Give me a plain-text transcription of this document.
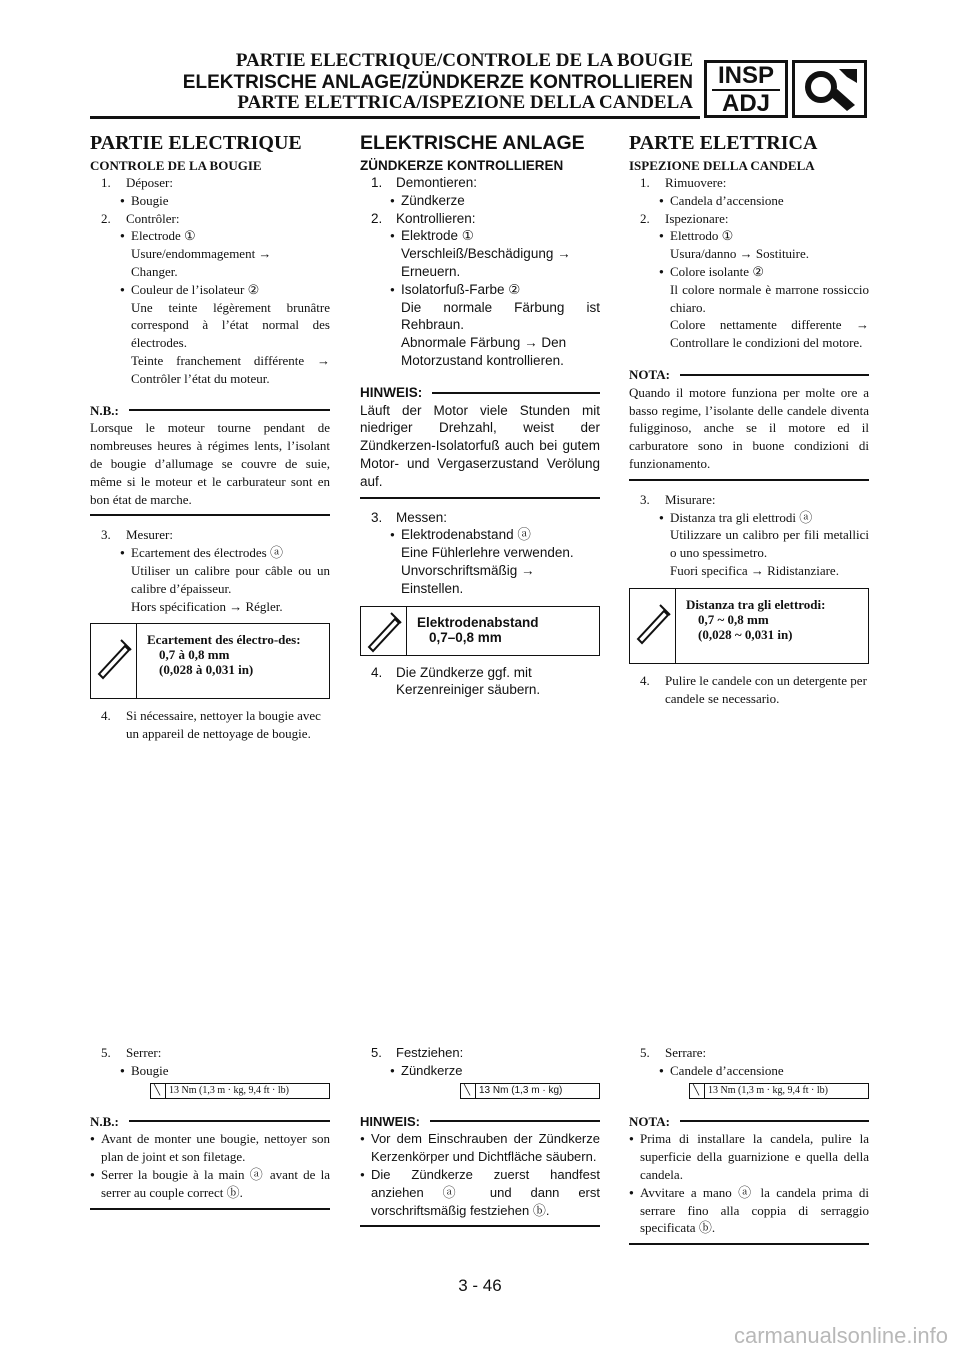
PARTIE ELECTRIQUE/CONTROLE DE LA BOUGIE
ELEKTRISCHE ANLAGE/ZÜNDKERZE KONTROLLIEREN
PARTE ELETTRICA/ISPEZIONE DELLA CANDELA
INSP
ADJ
PARTIE ELECTRIQUE
CONTROLE DE LA BOUGIE
1. Déposer:
● Bougie
2. Contrôler:
● Electrode ①
Usure/endommagement →
Changer.
● Couleur de l’isolateur ②
Une teinte légèrement brunâtre correspond à l’état normal des électrodes.
Teinte franchement différente → Contrôler l’état du moteur.
N.B.:
Lorsque le moteur tourne pendant de nombreuses heures à régimes lents, l’isolant de bougie d’allumage se couvre de suie, même si le moteur et le carburateur sont en bon état de marche.
3. Mesurer:
● Ecartement des électrodes ⓐ
Utiliser un calibre pour câble ou un calibre d’épaisseur.
Hors spécification → Régler.
Ecartement des électro-des:
0,7 à 0,8 mm
(0,028 à 0,031 in)
4.	Si nécessaire, nettoyer la bougie avec un appareil de nettoyage de bougie.
ELEKTRISCHE ANLAGE
ZÜNDKERZE KONTROLLIEREN
1. Demontieren:
● Zündkerze
2. Kontrollieren:
● Elektrode ①
Verschleiß/Beschädigung →
Erneuern.
● Isolatorfuß-Farbe ②
Die normale Färbung ist Rehbraun.
Abnormale Färbung → Den Motorzustand kontrollieren.
HINWEIS:
Läuft der Motor viele Stunden mit niedriger Drehzahl, weist der Zündkerzen-Isolatorfuß auch bei gutem Motor- und Vergaserzustand Verölung auf.
3. Messen:
● Elektrodenabstand ⓐ
Eine Fühlerlehre verwenden.
Unvorschriftsmäßig → Einstellen.
Elektrodenabstand
0,7–0,8 mm
4.	Die Zündkerze ggf. mit Kerzenreiniger säubern.
PARTE ELETTRICA
ISPEZIONE DELLA CANDELA
1. Rimuovere:
● Candela d’accensione
2. Ispezionare:
● Elettrodo ①
Usura/danno → Sostituire.
● Colore isolante ②
Il colore normale è marrone rossiccio chiaro.
Colore nettamente differente → Controllare le condizioni del motore.
NOTA:
Quando il motore funziona per molte ore a basso regime, l’isolante delle candele diventa fuligginoso, anche se il motore ed il carburatore sono in buone condizioni di funzionamento.
3. Misurare:
● Distanza tra gli elettrodi ⓐ
Utilizzare un calibro per fili metallici o uno spessimetro.
Fuori specifica → Ridistanziare.
Distanza tra gli elettrodi:
0,7 ~ 0,8 mm
(0,028 ~ 0,031 in)
4.	Pulire le candele con un detergente per candele se necessario.
5. Serrer:
● Bougie
╲ 13 Nm (1,3 m · kg, 9,4 ft · lb)
N.B.:
● Avant de monter une bougie, nettoyer son plan de joint et son filetage.
● Serrer la bougie à la main ⓐ avant de la serrer au couple correct ⓑ.
5. Festziehen:
● Zündkerze
╲ 13 Nm (1,3 m · kg)
HINWEIS:
● Vor dem Einschrauben der Zündkerze Kerzenkörper und Dichtfläche säubern.
● Die Zündkerze zuerst handfest anziehen ⓐ und dann erst vorschriftsmäßig festziehen ⓑ.
5. Serrare:
● Candele d’accensione
╲ 13 Nm (1,3 m · kg, 9,4 ft · lb)
NOTA:
● Prima di installare la candela, pulire la superficie della guarnizione e quella della candela.
● Avvitare a mano ⓐ la candela prima di serrare fino alla coppia di serraggio specificata ⓑ.
3 - 46
carmanualsonline.info
